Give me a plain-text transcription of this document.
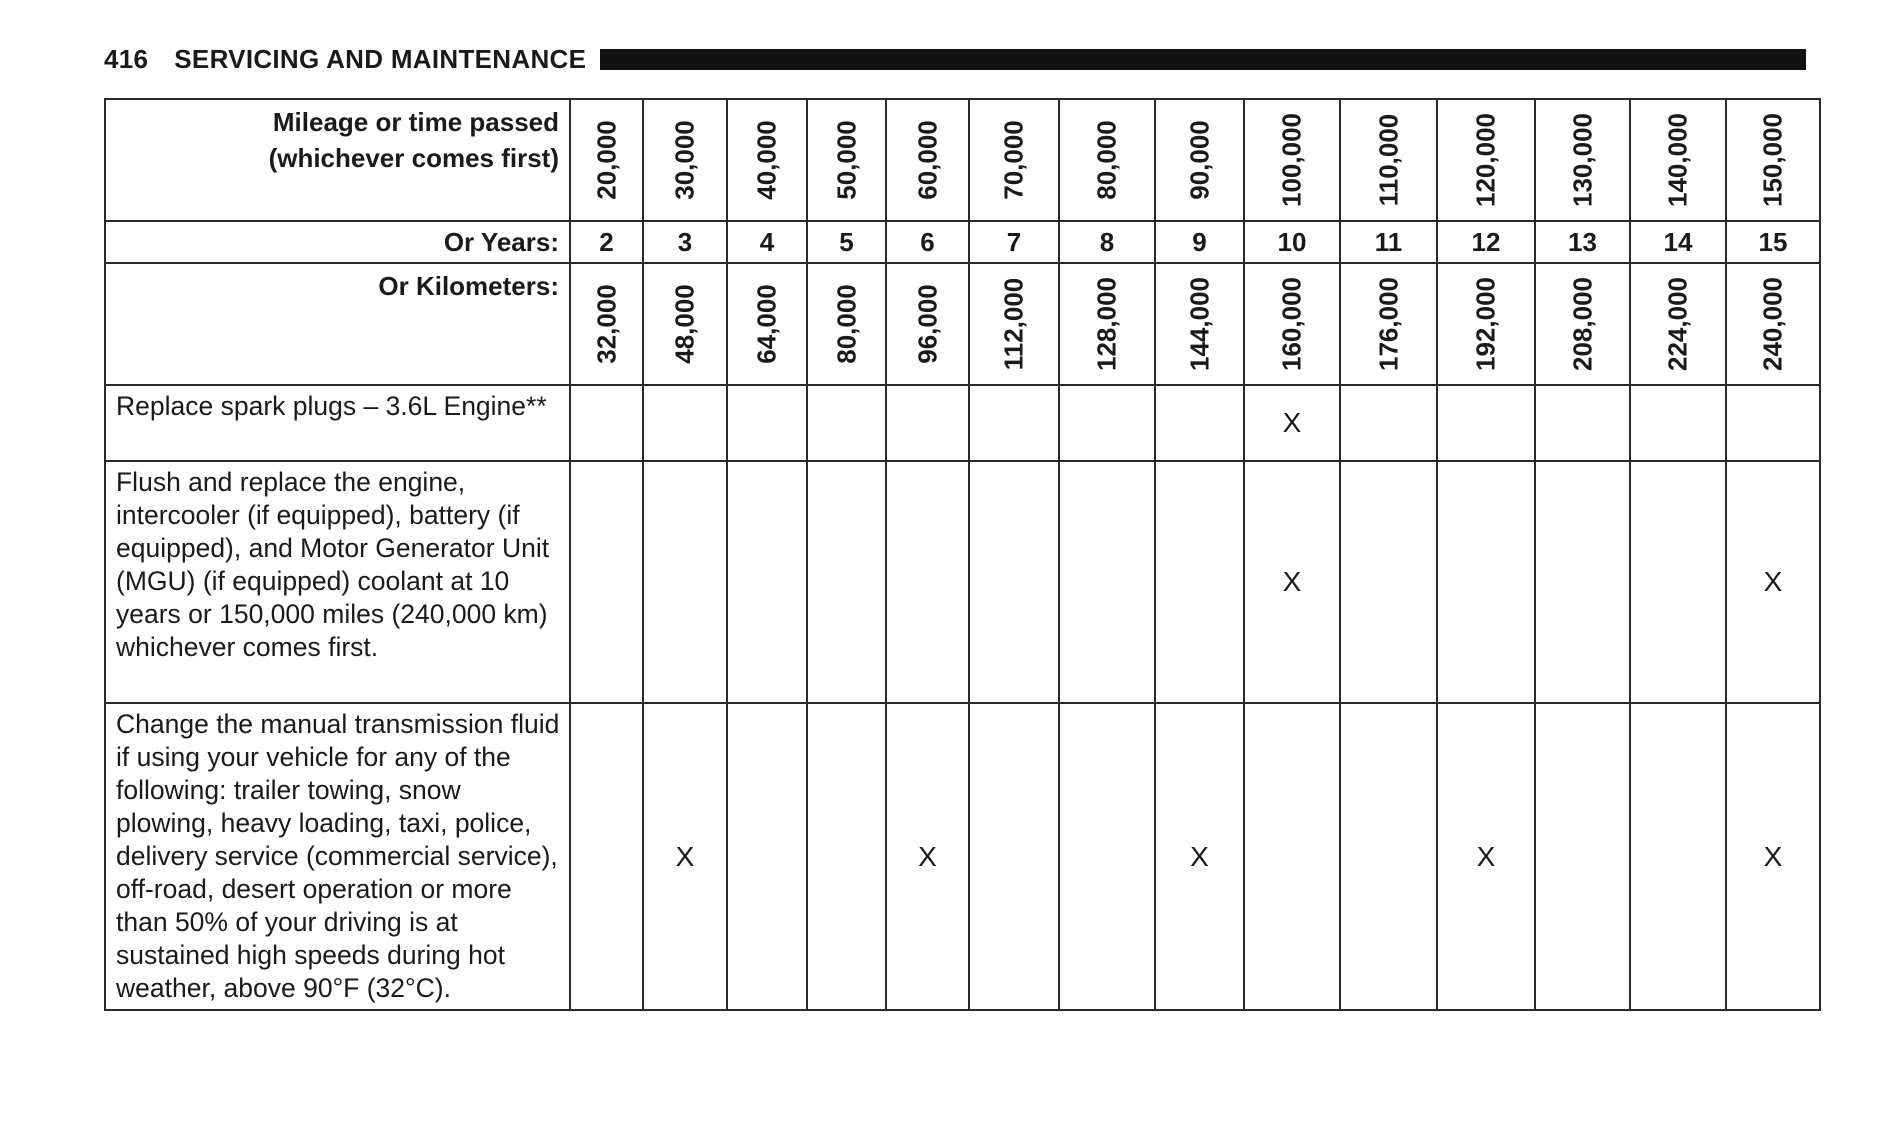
416 SERVICING AND MAINTENANCE
Mileage or time passed
(whichever comes first)	20,000	30,000	40,000	50,000	60,000	70,000	80,000	90,000	100,000	110,000	120,000	130,000	140,000	150,000

Or Years:	2	3	4	5	6	7	8	9	10	11	12	13	14	15
Or Kilometers:	32,000	48,000	64,000	80,000	96,000	112,000	128,000	144,000	160,000	176,000	192,000	208,000	224,000	240,000

Replace spark plugs – 3.6L Engine**									X					
Flush and replace the engine, intercooler (if equipped), battery (if equipped), and Motor Generator Unit (MGU) (if equipped) coolant at 10 years or 150,000 miles (240,000 km) whichever comes first.									X					X
Change the manual transmission fluid if using your vehicle for any of the following: trailer towing, snow plowing, heavy loading, taxi, police, delivery service (commercial service), off-road, desert operation or more than 50% of your driving is at sustained high speeds during hot weather, above 90°F (32°C).		X			X			X			X			X
